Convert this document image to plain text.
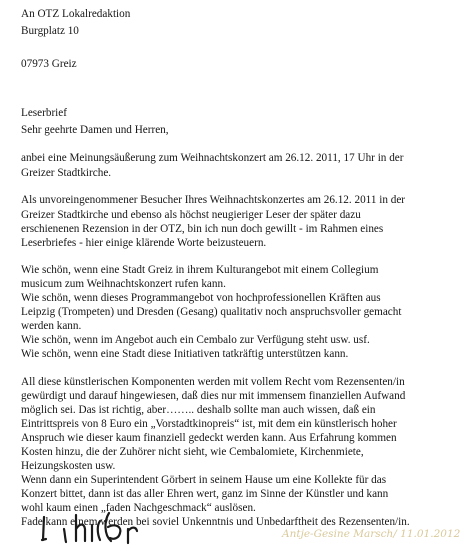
An OTZ Lokalredaktion
Burgplatz 10
07973 Greiz
Leserbrief
Sehr geehrte Damen und Herren,
anbei eine Meinungsäußerung zum Weihnachtskonzert am 26.12. 2011, 17 Uhr in der
Greizer Stadtkirche.
Als unvoreingenommener Besucher Ihres Weihnachtskonzertes am 26.12. 2011 in der
Greizer Stadtkirche und ebenso als höchst neugieriger Leser der später dazu
erschienenen Rezension in der OTZ, bin ich nun doch gewillt - im Rahmen eines
Leserbriefes - hier einige klärende Worte beizusteuern.
Wie schön, wenn eine Stadt Greiz in ihrem Kulturangebot mit einem Collegium
musicum zum Weihnachtskonzert rufen kann.
Wie schön, wenn dieses Programmangebot von hochprofessionellen Kräften aus
Leipzig (Trompeten) und Dresden (Gesang) qualitativ noch anspruchsvoller gemacht
werden kann.
Wie schön, wenn im Angebot auch ein Cembalo zur Verfügung steht usw. usf.
Wie schön, wenn eine Stadt diese Initiativen tatkräftig unterstützen kann.
All diese künstlerischen Komponenten werden mit vollem Recht vom Rezensenten/in
gewürdigt und darauf hingewiesen, daß dies nur mit immensem finanziellen Aufwand
möglich sei. Das ist richtig, aber…….. deshalb sollte man auch wissen, daß ein
Eintrittspreis von 8 Euro ein „Vorstadtkinopreis“ ist, mit dem ein künstlerisch hoher
Anspruch wie dieser kaum finanziell gedeckt werden kann. Aus Erfahrung kommen
Kosten hinzu, die der Zuhörer nicht sieht, wie Cembalomiete, Kirchenmiete,
Heizungskosten usw.
Wenn dann ein Superintendent Görbert in seinem Hause um eine Kollekte für das
Konzert bittet, dann ist das aller Ehren wert, ganz im Sinne der Künstler und kann
wohl kaum einen „faden Nachgeschmack“ auslösen.
Fade kann einem werden bei soviel Unkenntnis und Unbedarftheit des Rezensenten/in.
Antje-Gesine Marsch/ 11.01.2012
